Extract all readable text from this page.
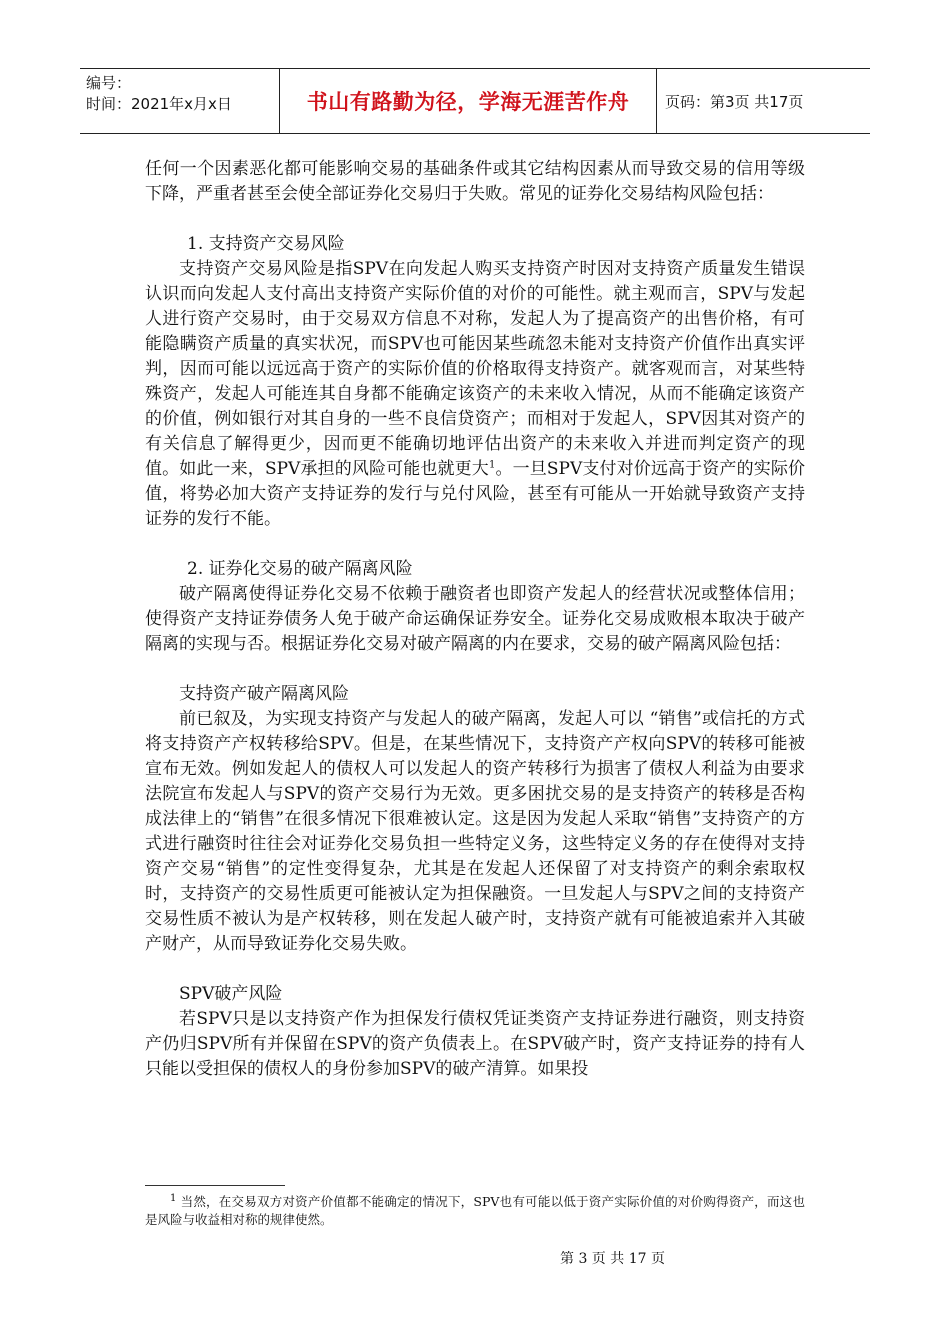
编号：
时间：2021年x月x日	书山有路勤为径，学海无涯苦作舟	页码：第3页 共17页

任何一个因素恶化都可能影响交易的基础条件或其它结构因素从而导致交易的信用等级下降，严重者甚至会使全部证券化交易归于失败。常见的证券化交易结构风险包括：

1. 支持资产交易风险

支持资产交易风险是指SPV在向发起人购买支持资产时因对支持资产质量发生错误认识而向发起人支付高出支持资产实际价值的对价的可能性。就主观而言，SPV与发起人进行资产交易时，由于交易双方信息不对称，发起人为了提高资产的出售价格，有可能隐瞒资产质量的真实状况，而SPV也可能因某些疏忽未能对支持资产价值作出真实评判，因而可能以远远高于资产的实际价值的价格取得支持资产。就客观而言，对某些特殊资产，发起人可能连其自身都不能确定该资产的未来收入情况，从而不能确定该资产的价值，例如银行对其自身的一些不良信贷资产；而相对于发起人，SPV因其对资产的有关信息了解得更少，因而更不能确切地评估出资产的未来收入并进而判定资产的现值。如此一来，SPV承担的风险可能也就更大$^1$。一旦SPV支付对价远高于资产的实际价值，将势必加大资产支持证券的发行与兑付风险，甚至有可能从一开始就导致资产支持证券的发行不能。

2. 证券化交易的破产隔离风险

破产隔离使得证券化交易不依赖于融资者也即资产发起人的经营状况或整体信用；使得资产支持证券债务人免于破产命运确保证券安全。证券化交易成败根本取决于破产隔离的实现与否。根据证券化交易对破产隔离的内在要求，交易的破产隔离风险包括：

支持资产破产隔离风险

前已叙及，为实现支持资产与发起人的破产隔离，发起人可以 “销售”或信托的方式将支持资产产权转移给SPV。但是，在某些情况下，支持资产产权向SPV的转移可能被宣布无效。例如发起人的债权人可以发起人的资产转移行为损害了债权人利益为由要求法院宣布发起人与SPV的资产交易行为无效。更多困扰交易的是支持资产的转移是否构成法律上的“销售”在很多情况下很难被认定。这是因为发起人采取“销售”支持资产的方式进行融资时往往会对证券化交易负担一些特定义务，这些特定义务的存在使得对支持资产交易“销售”的定性变得复杂，尤其是在发起人还保留了对支持资产的剩余索取权时，支持资产的交易性质更可能被认定为担保融资。一旦发起人与SPV之间的支持资产交易性质不被认为是产权转移，则在发起人破产时，支持资产就有可能被追索并入其破产财产，从而导致证券化交易失败。

SPV破产风险

若SPV只是以支持资产作为担保发行债权凭证类资产支持证券进行融资，则支持资产仍归SPV所有并保留在SPV的资产负债表上。在SPV破产时，资产支持证券的持有人只能以受担保的债权人的身份参加SPV的破产清算。如果投

$^1$ 当然，在交易双方对资产价值都不能确定的情况下，SPV也有可能以低于资产实际价值的对价购得资产，而这也是风险与收益相对称的规律使然。
第 3 页 共 17 页
